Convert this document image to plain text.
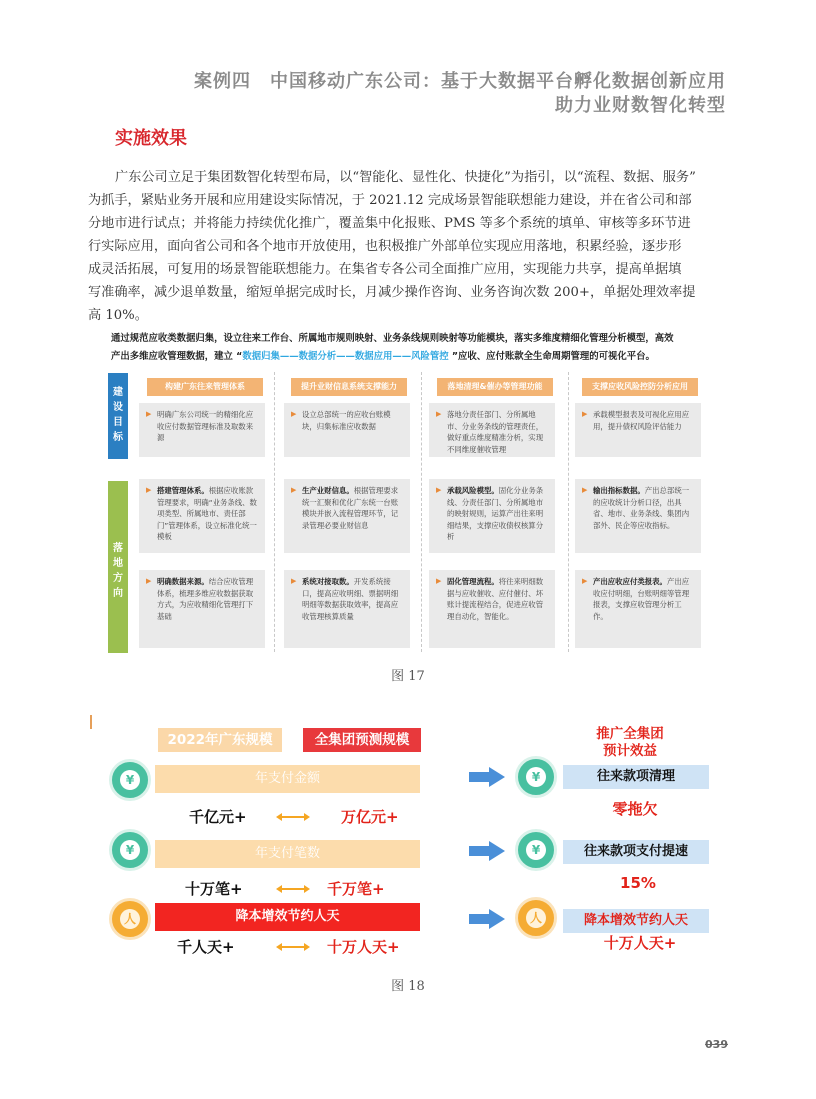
案例四　中国移动广东公司：基于大数据平台孵化数据创新应用
助力业财数智化转型
实施效果
广东公司立足于集团数智化转型布局，以“智能化、显性化、快捷化”为指引，以“流程、数据、服务”
为抓手，紧贴业务开展和应用建设实际情况，于 2021.12 完成场景智能联想能力建设，并在省公司和部
分地市进行试点；并将能力持续优化推广，覆盖集中化报账、PMS 等多个系统的填单、审核等多环节进
行实际应用，面向省公司和各个地市开放使用，也积极推广外部单位实现应用落地，积累经验，逐步形
成灵活拓展，可复用的场景智能联想能力。在集省专各公司全面推广应用，实现能力共享，提高单据填
写准确率，减少退单数量，缩短单据完成时长，月减少操作咨询、业务咨询次数 200+，单据处理效率提
高 10%。
通过规范应收类数据归集，设立往来工作台、所属地市规则映射、业务条线规则映射等功能模块，落实多维度精细化管理分析模型，高效
产出多维应收管理数据，建立 “数据归集——数据分析——数据应用——风险管控 ”应收、应付账款全生命周期管理的可视化平台。
建设目标
落地方向
构建广东往来管理体系
▶ 明确广东公司统一的精细化应收应付数据管理标准及取数来源
▶ 搭建管理体系。根据应收账款管理要求，明确“业务条线、数项类型、所属地市、责任部门”管理体系，设立标准化统一模板
▶ 明确数据来源。结合应收管理体系，梳理多维应收数据获取方式，为应收精细化管理打下基础
提升业财信息系统支撑能力
▶ 设立总部统一的应收台账模块，归集标准应收数据
▶ 生产业财信息。根据管理要求统一汇聚和优化广东统一台账模块并嵌入流程管理环节，记录管理必要业财信息
▶ 系统对接取数。开发系统接口，提高应收明细、票据明细明细等数据获取效率，提高应收管理核算质量
落地清理&催办等管理功能
▶ 落地分责任部门、分所属地市、分业务条线的管理责任，做好重点维度精准分析，实现不同维度催收管理
▶ 承载风险模型。固化分业务条线、分责任部门、分所属地市的映射规则，运算产出往来明细结果，支撑应收债权核算分析
▶ 固化管理流程。将往来明细数据与应收催收、应付催付、坏账计提流程结合，促进应收管理自动化，智能化。
支撑应收风险控防分析应用
▶ 承载模型报表及可视化应用应用，提升债权风险评估能力
▶ 输出指标数据。产出总部统一的应收统计分析口径，出具省、地市、业务条线、集团内部外、民企等应收指标。
▶ 产出应收应付类报表。产出应收应付明细，台账明细等管理报表，支撑应收管理分析工作。
图 17
2022年广东规模	全集团预测规模
¥	年支付金额
千亿元+	万亿元+
¥	年支付笔数
十万笔+	千万笔+
人	降本增效节约人天
千人天+	十万人天+
推广全集团
预计效益
¥	往来款项清理
零拖欠
¥	往来款项支付提速
15%
人	降本增效节约人天
十万人天+
图 18
039
